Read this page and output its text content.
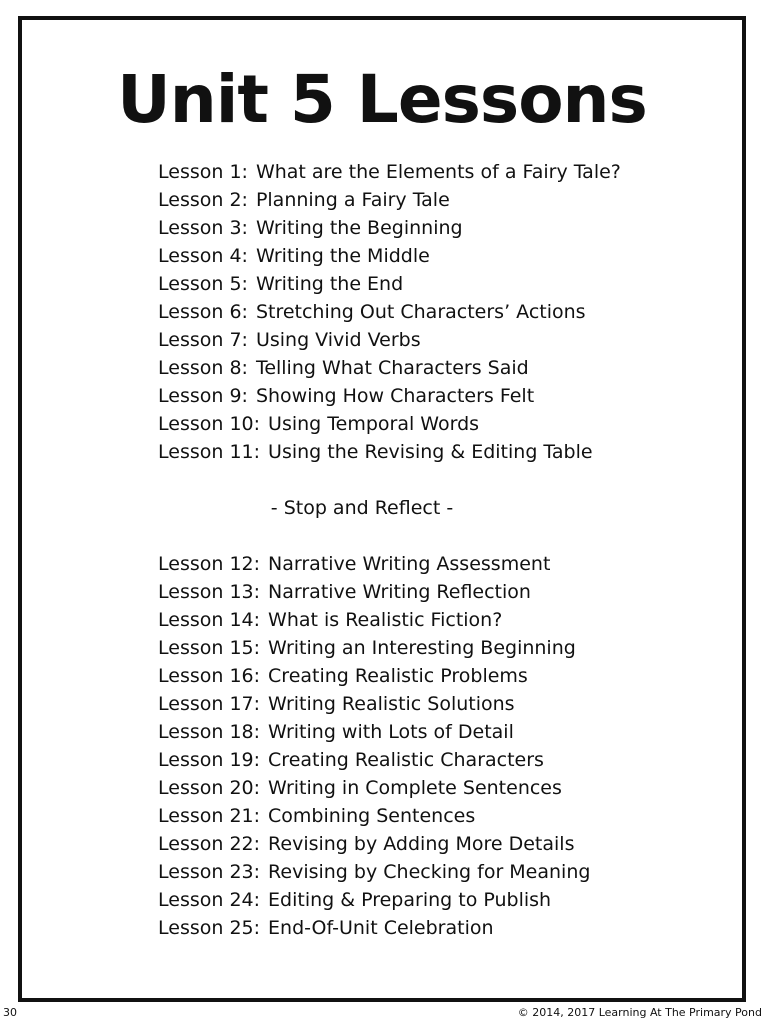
Unit 5 Lessons
Lesson 1: What are the Elements of a Fairy Tale?
Lesson 2: Planning a Fairy Tale
Lesson 3: Writing the Beginning
Lesson 4: Writing the Middle
Lesson 5: Writing the End
Lesson 6: Stretching Out Characters’ Actions
Lesson 7: Using Vivid Verbs
Lesson 8: Telling What Characters Said
Lesson 9: Showing How Characters Felt
Lesson 10: Using Temporal Words
Lesson 11: Using the Revising & Editing Table
- Stop and Reflect -
Lesson 12: Narrative Writing Assessment
Lesson 13: Narrative Writing Reflection
Lesson 14: What is Realistic Fiction?
Lesson 15: Writing an Interesting Beginning
Lesson 16: Creating Realistic Problems
Lesson 17: Writing Realistic Solutions
Lesson 18: Writing with Lots of Detail
Lesson 19: Creating Realistic Characters
Lesson 20: Writing in Complete Sentences
Lesson 21: Combining Sentences
Lesson 22: Revising by Adding More Details
Lesson 23: Revising by Checking for Meaning
Lesson 24: Editing & Preparing to Publish
Lesson 25: End-Of-Unit Celebration
30	© 2014, 2017 Learning At The Primary Pond
